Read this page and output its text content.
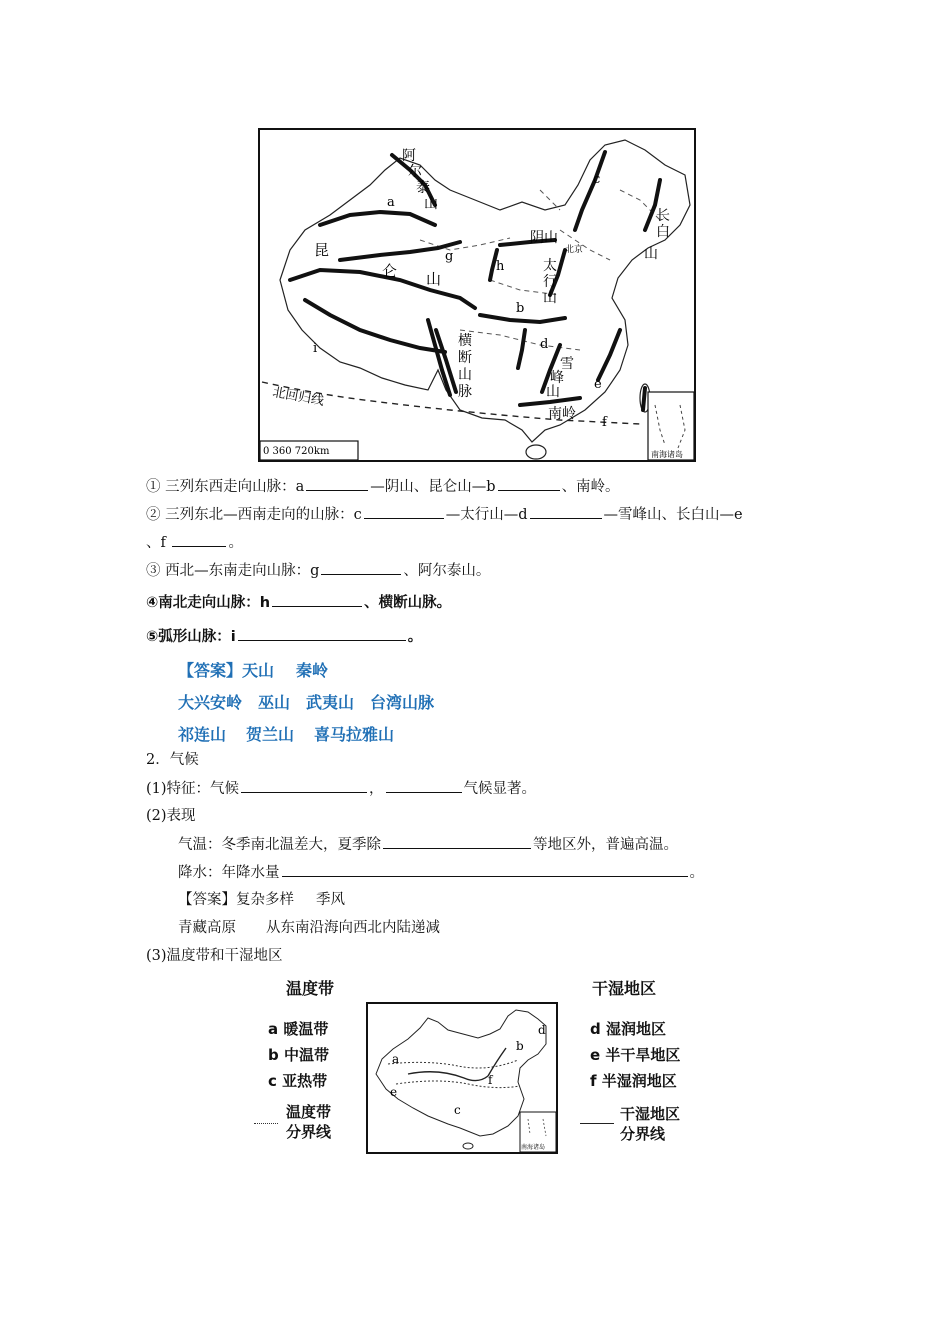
阿
尔
泰
山
a
c
长
白
山
阴山
北京
昆
仑 山
g
h	太
行
山
b
i	横
断
山
脉
d
雪
峰
山	e
南岭
f
北回归线
0 360 720km	南海诸岛
① 三列东西走向山脉：a	—阴山、昆仑山—b	、南岭。
② 三列东北—西南走向的山脉：c	—太行山—d	—雪峰山、长白山—e
、f	。
③ 西北—东南走向山脉：g	、阿尔泰山。
④南北走向山脉：h	、横断山脉。
⑤弧形山脉：i	。
【答案】天山 秦岭
大兴安岭 巫山 武夷山 台湾山脉
祁连山 贺兰山 喜马拉雅山
2．气候
(1)特征：气候	，	气候显著。
(2)表现
气温：冬季南北温差大，夏季除	等地区外，普遍高温。
降水：年降水量	。
【答案】复杂多样 季风
青藏高原 从东南沿海向西北内陆递减
(3)温度带和干湿地区
温度带
a 暖温带
b 中温带
c 亚热带
温度带
分界线
干湿地区
d 湿润地区
e 半干旱地区
f 半湿润地区
干湿地区
分界线
a
b
c
d
e
f
南海诸岛
